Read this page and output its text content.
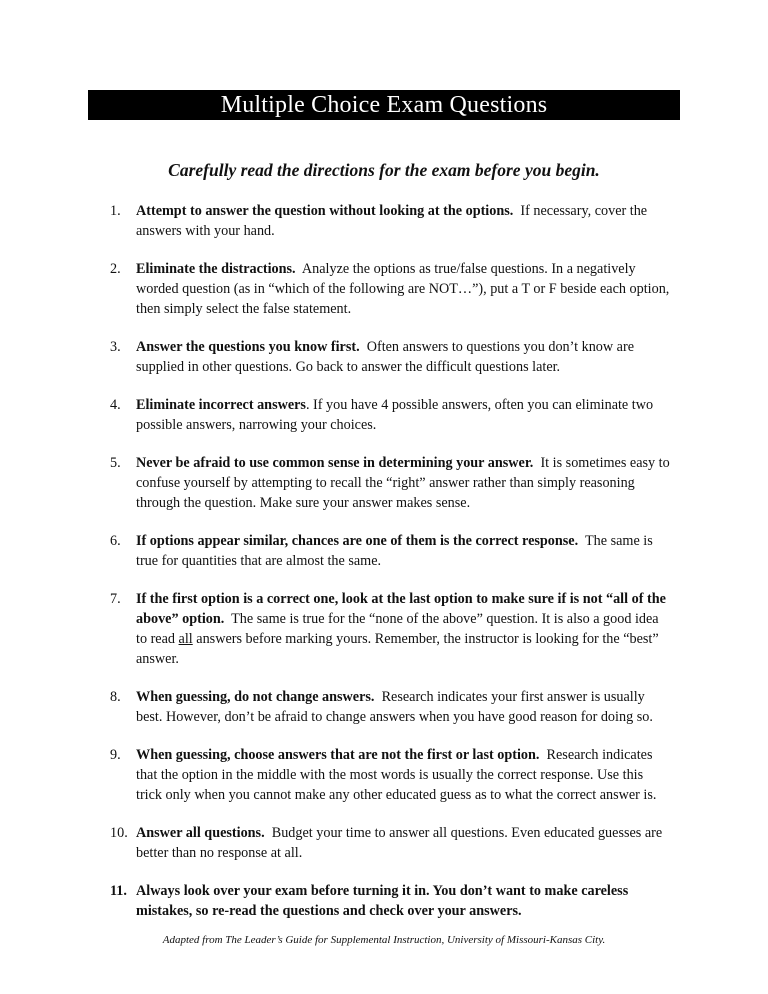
Multiple Choice Exam Questions
Carefully read the directions for the exam before you begin.
1. Attempt to answer the question without looking at the options. If necessary, cover the answers with your hand.
2. Eliminate the distractions. Analyze the options as true/false questions. In a negatively worded question (as in “which of the following are NOT…”), put a T or F beside each option, then simply select the false statement.
3. Answer the questions you know first. Often answers to questions you don’t know are supplied in other questions. Go back to answer the difficult questions later.
4. Eliminate incorrect answers. If you have 4 possible answers, often you can eliminate two possible answers, narrowing your choices.
5. Never be afraid to use common sense in determining your answer. It is sometimes easy to confuse yourself by attempting to recall the “right” answer rather than simply reasoning through the question. Make sure your answer makes sense.
6. If options appear similar, chances are one of them is the correct response. The same is true for quantities that are almost the same.
7. If the first option is a correct one, look at the last option to make sure if is not “all of the above” option. The same is true for the “none of the above” question. It is also a good idea to read all answers before marking yours. Remember, the instructor is looking for the “best” answer.
8. When guessing, do not change answers. Research indicates your first answer is usually best. However, don’t be afraid to change answers when you have good reason for doing so.
9. When guessing, choose answers that are not the first or last option. Research indicates that the option in the middle with the most words is usually the correct response. Use this trick only when you cannot make any other educated guess as to what the correct answer is.
10. Answer all questions. Budget your time to answer all questions. Even educated guesses are better than no response at all.
11. Always look over your exam before turning it in. You don’t want to make careless mistakes, so re-read the questions and check over your answers.
Adapted from The Leader’s Guide for Supplemental Instruction, University of Missouri-Kansas City.
